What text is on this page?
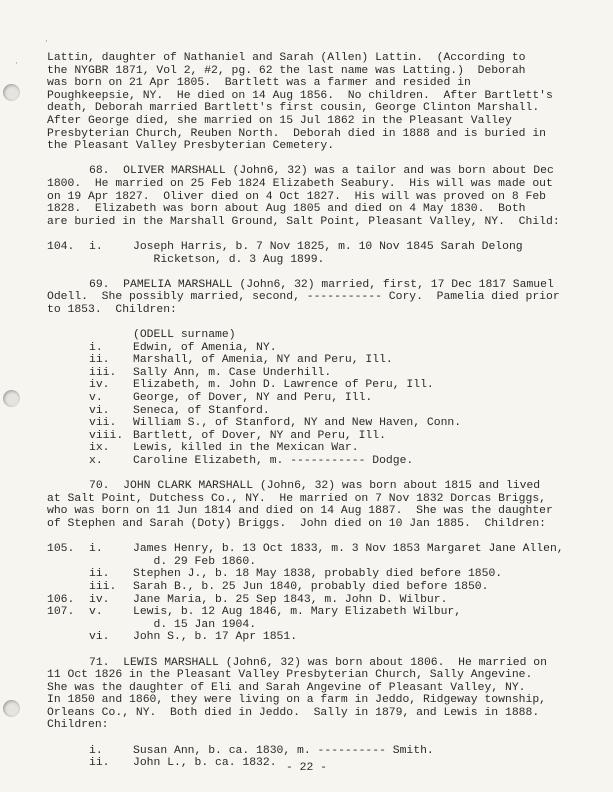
·
· Lattin, daughter of Nathaniel and Sarah (Allen) Lattin.  (According to

the NYGBR 1871, Vol 2, #2, pg. 62 the last name was Latting.)  Deborah

was born on 21 Apr 1805.  Bartlett was a farmer and resided in

Poughkeepsie, NY.  He died on 14 Aug 1856.  No children.  After Bartlett's

death, Deborah married Bartlett's first cousin, George Clinton Marshall.

After George died, she married on 15 Jul 1862 in the Pleasant Valley

Presbyterian Church, Reuben North.  Deborah died in 1888 and is buried in

the Pleasant Valley Presbyterian Cemetery.

68.  OLIVER MARSHALL (John6, 32) was a tailor and was born about Dec

1800.  He married on 25 Feb 1824 Elizabeth Seabury.  His will was made out

on 19 Apr 1827.  Oliver died on 4 Oct 1827.  His will was proved on 8 Feb

1828.  Elizabeth was born about Aug 1805 and died on 4 May 1830.  Both

are buried in the Marshall Ground, Salt Point, Pleasant Valley, NY.  Child:

104.	i.	Joseph Harris, b. 7 Nov 1825, m. 10 Nov 1845 Sarah Delong
Ricketson, d. 3 Aug 1899.

69.  PAMELIA MARSHALL (John6, 32) married, first, 17 Dec 1817 Samuel

Odell.  She possibly married, second, ----------- Cory.  Pamelia died prior

to 1853.  Children:

(ODELL surname)
i.	Edwin, of Amenia, NY.
ii.	Marshall, of Amenia, NY and Peru, Ill.
iii.	Sally Ann, m. Case Underhill.
iv.	Elizabeth, m. John D. Lawrence of Peru, Ill.
v.	George, of Dover, NY and Peru, Ill.
vi.	Seneca, of Stanford.
vii.	William S., of Stanford, NY and New Haven, Conn.
viii. Bartlett, of Dover, NY and Peru, Ill.
ix.	Lewis, killed in the Mexican War.
x.	Caroline Elizabeth, m. ----------- Dodge.

70.  JOHN CLARK MARSHALL (John6, 32) was born about 1815 and lived

at Salt Point, Dutchess Co., NY.  He married on 7 Nov 1832 Dorcas Briggs,

who was born on 11 Jun 1814 and died on 14 Aug 1887.  She was the daughter

of Stephen and Sarah (Doty) Briggs.  John died on 10 Jan 1885.  Children:

105.	i.	James Henry, b. 13 Oct 1833, m. 3 Nov 1853 Margaret Jane Allen,
d. 29 Feb 1860.
ii.	Stephen J., b. 18 May 1838, probably died before 1850.
iii.	Sarah B., b. 25 Jun 1840, probably died before 1850.
106.	iv.	Jane Maria, b. 25 Sep 1843, m. John D. Wilbur.
107.	v.	Lewis, b. 12 Aug 1846, m. Mary Elizabeth Wilbur,
d. 15 Jan 1904.
vi.	John S., b. 17 Apr 1851.

71.  LEWIS MARSHALL (John6, 32) was born about 1806.  He married on

11 Oct 1826 in the Pleasant Valley Presbyterian Church, Sally Angevine.

She was the daughter of Eli and Sarah Angevine of Pleasant Valley, NY.

In 1850 and 1860, they were living on a farm in Jeddo, Ridgeway township,

Orleans Co., NY.  Both died in Jeddo.  Sally in 1879, and Lewis in 1888.

Children:

i.	Susan Ann, b. ca. 1830, m. ---------- Smith.
ii.	John L., b. ca. 1832. - 22 -
